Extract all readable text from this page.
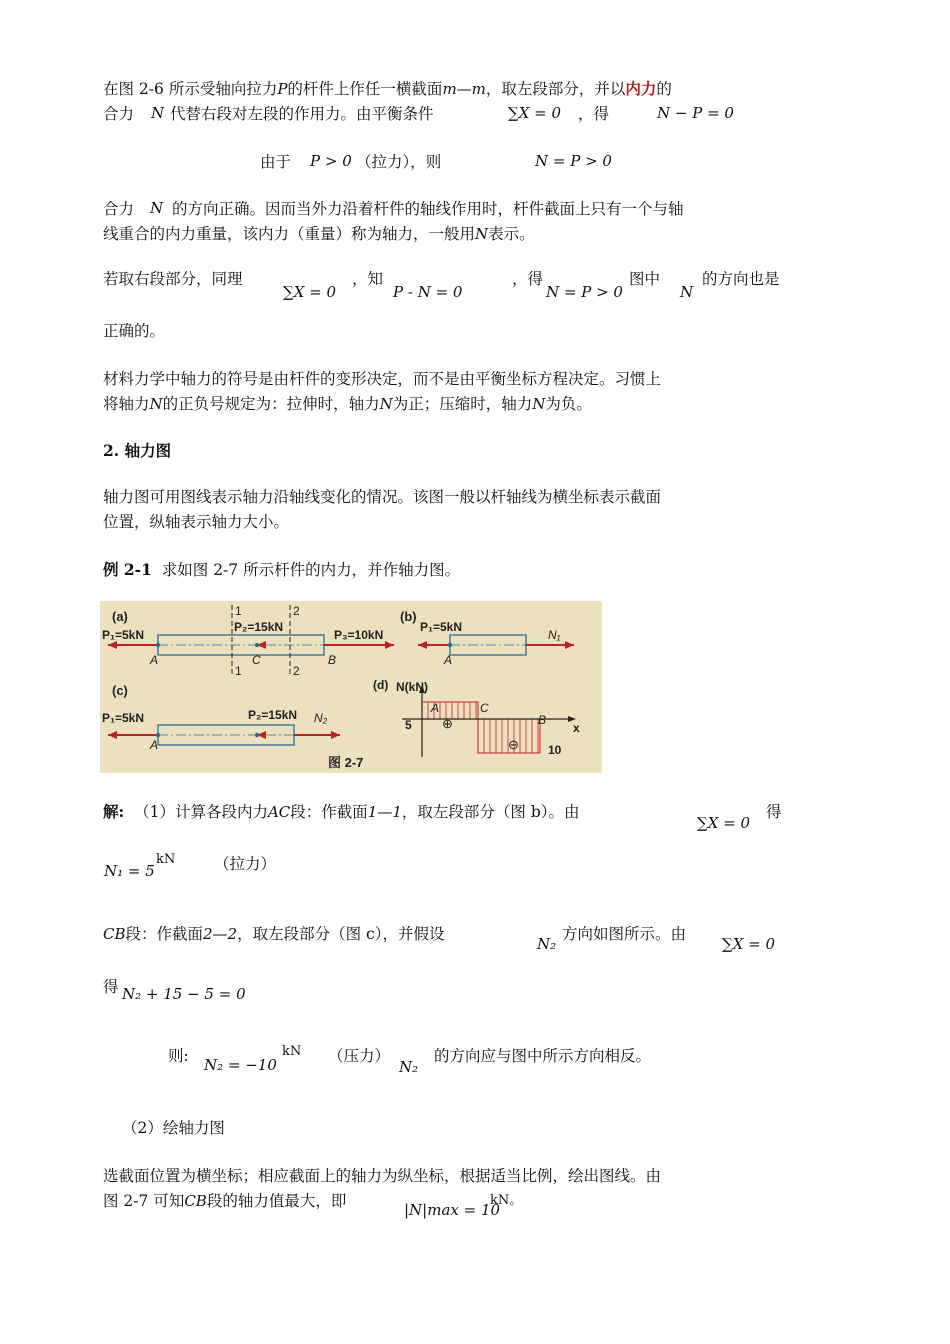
在图 2-6 所示受轴向拉力P的杆件上作任一横截面m—m，取左段部分，并以内力的
合力 N 代替右段对左段的作用力。由平衡条件	∑X = 0 ，得	N − P = 0
由于 P > 0 （拉力），则	N = P > 0
合力 N 的方向正确。因而当外力沿着杆件的轴线作用时，杆件截面上只有一个与轴
线重合的内力重量，该内力（重量）称为轴力，一般用N表示。
若取右段部分，同理
∑X = 0
，知
P - N = 0
，得
N = P > 0
图中
N
的方向也是
正确的。
材料力学中轴力的符号是由杆件的变形决定，而不是由平衡坐标方程决定。习惯上
将轴力N的正负号规定为：拉伸时，轴力N为正；压缩时，轴力N为负。
2. 轴力图
轴力图可用图线表示轴力沿轴线变化的情况。该图一般以杆轴线为横坐标表示截面
位置，纵轴表示轴力大小。
例 2-1 求如图 2-7 所示杆件的内力，并作轴力图。
(a)	1	2
1	2
P₁=5kN
P₂=15kN
P₃=10kN
A	C	B
(b)
P₁=5kN
N₁
A
(c)
P₁=5kN	P₂=15kN N₂
A
(d) N(kN)
x
5
10
⊕
⊖
A	C
B
图 2-7
解: （1）计算各段内力AC段：作截面1—1，取左段部分（图 b）。由
∑X = 0
得
N₁ = 5
kN （拉力）
CB段：作截面2—2，取左段部分（图 c），并假设
N₂
方向如图所示。由
∑X = 0
得 N₂ + 15 − 5 = 0
则: N₂ = −10
kN （压力）
N₂
的方向应与图中所示方向相反。
（2）绘轴力图
选截面位置为横坐标；相应截面上的轴力为纵坐标，根据适当比例，绘出图线。由
图 2-7 可知CB段的轴力值最大，即	|N|max = 10
kN。
